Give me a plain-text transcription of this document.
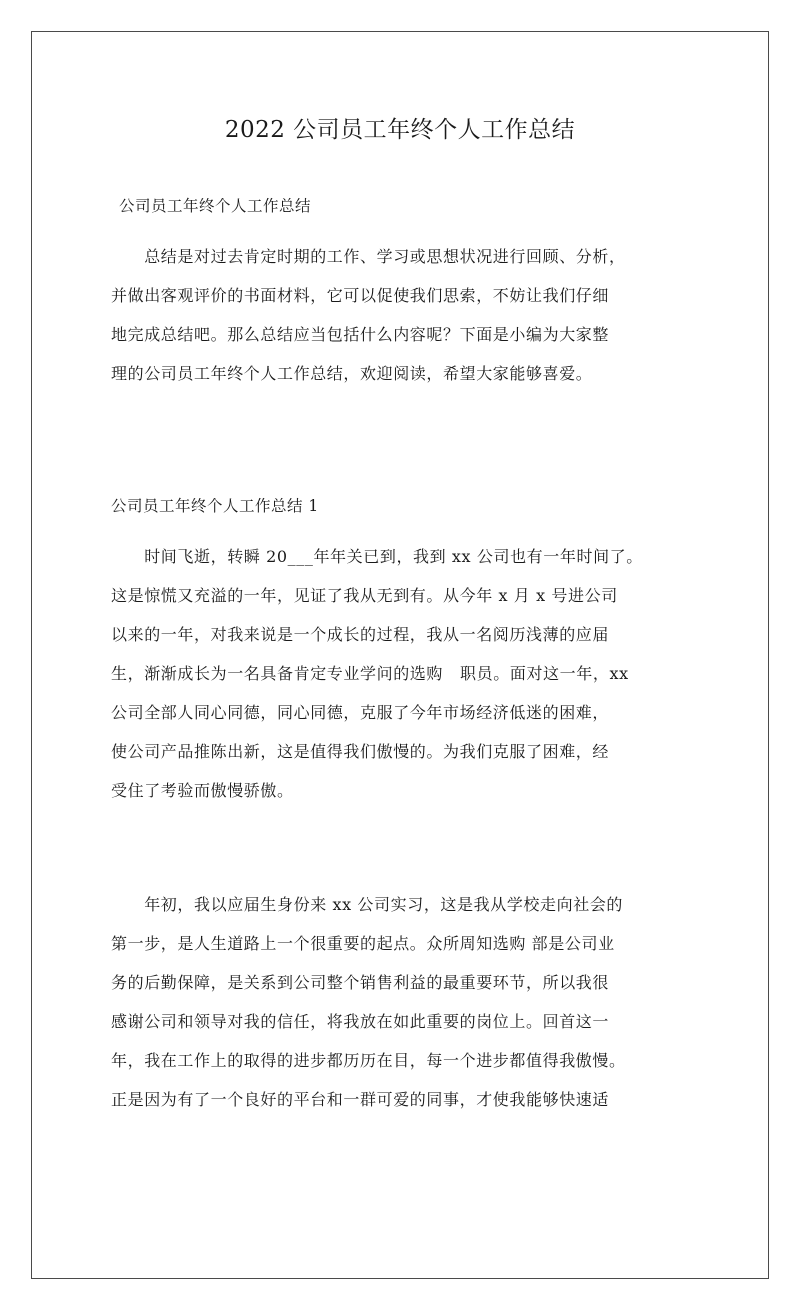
2022 公司员工年终个人工作总结
公司员工年终个人工作总结

　　总结是对过去肯定时期的工作、学习或思想状况进行回顾、分析，
并做出客观评价的书面材料，它可以促使我们思索，不妨让我们仔细
地完成总结吧。那么总结应当包括什么内容呢？下面是小编为大家整
理的公司员工年终个人工作总结，欢迎阅读，希望大家能够喜爱。

公司员工年终个人工作总结 1

　　时间飞逝，转瞬 20___年年关已到，我到 xx 公司也有一年时间了。
这是惊慌又充溢的一年，见证了我从无到有。从今年 x 月 x 号进公司
以来的一年，对我来说是一个成长的过程，我从一名阅历浅薄的应届
生，渐渐成长为一名具备肯定专业学问的选购   职员。面对这一年，xx
公司全部人同心同德，同心同德，克服了今年市场经济低迷的困难，
使公司产品推陈出新，这是值得我们傲慢的。为我们克服了困难，经
受住了考验而傲慢骄傲。

　　年初，我以应届生身份来 xx 公司实习，这是我从学校走向社会的
第一步，是人生道路上一个很重要的起点。众所周知选购 部是公司业
务的后勤保障，是关系到公司整个销售利益的最重要环节，所以我很
感谢公司和领导对我的信任，将我放在如此重要的岗位上。回首这一
年，我在工作上的取得的进步都历历在目，每一个进步都值得我傲慢。
正是因为有了一个良好的平台和一群可爱的同事，才使我能够快速适
